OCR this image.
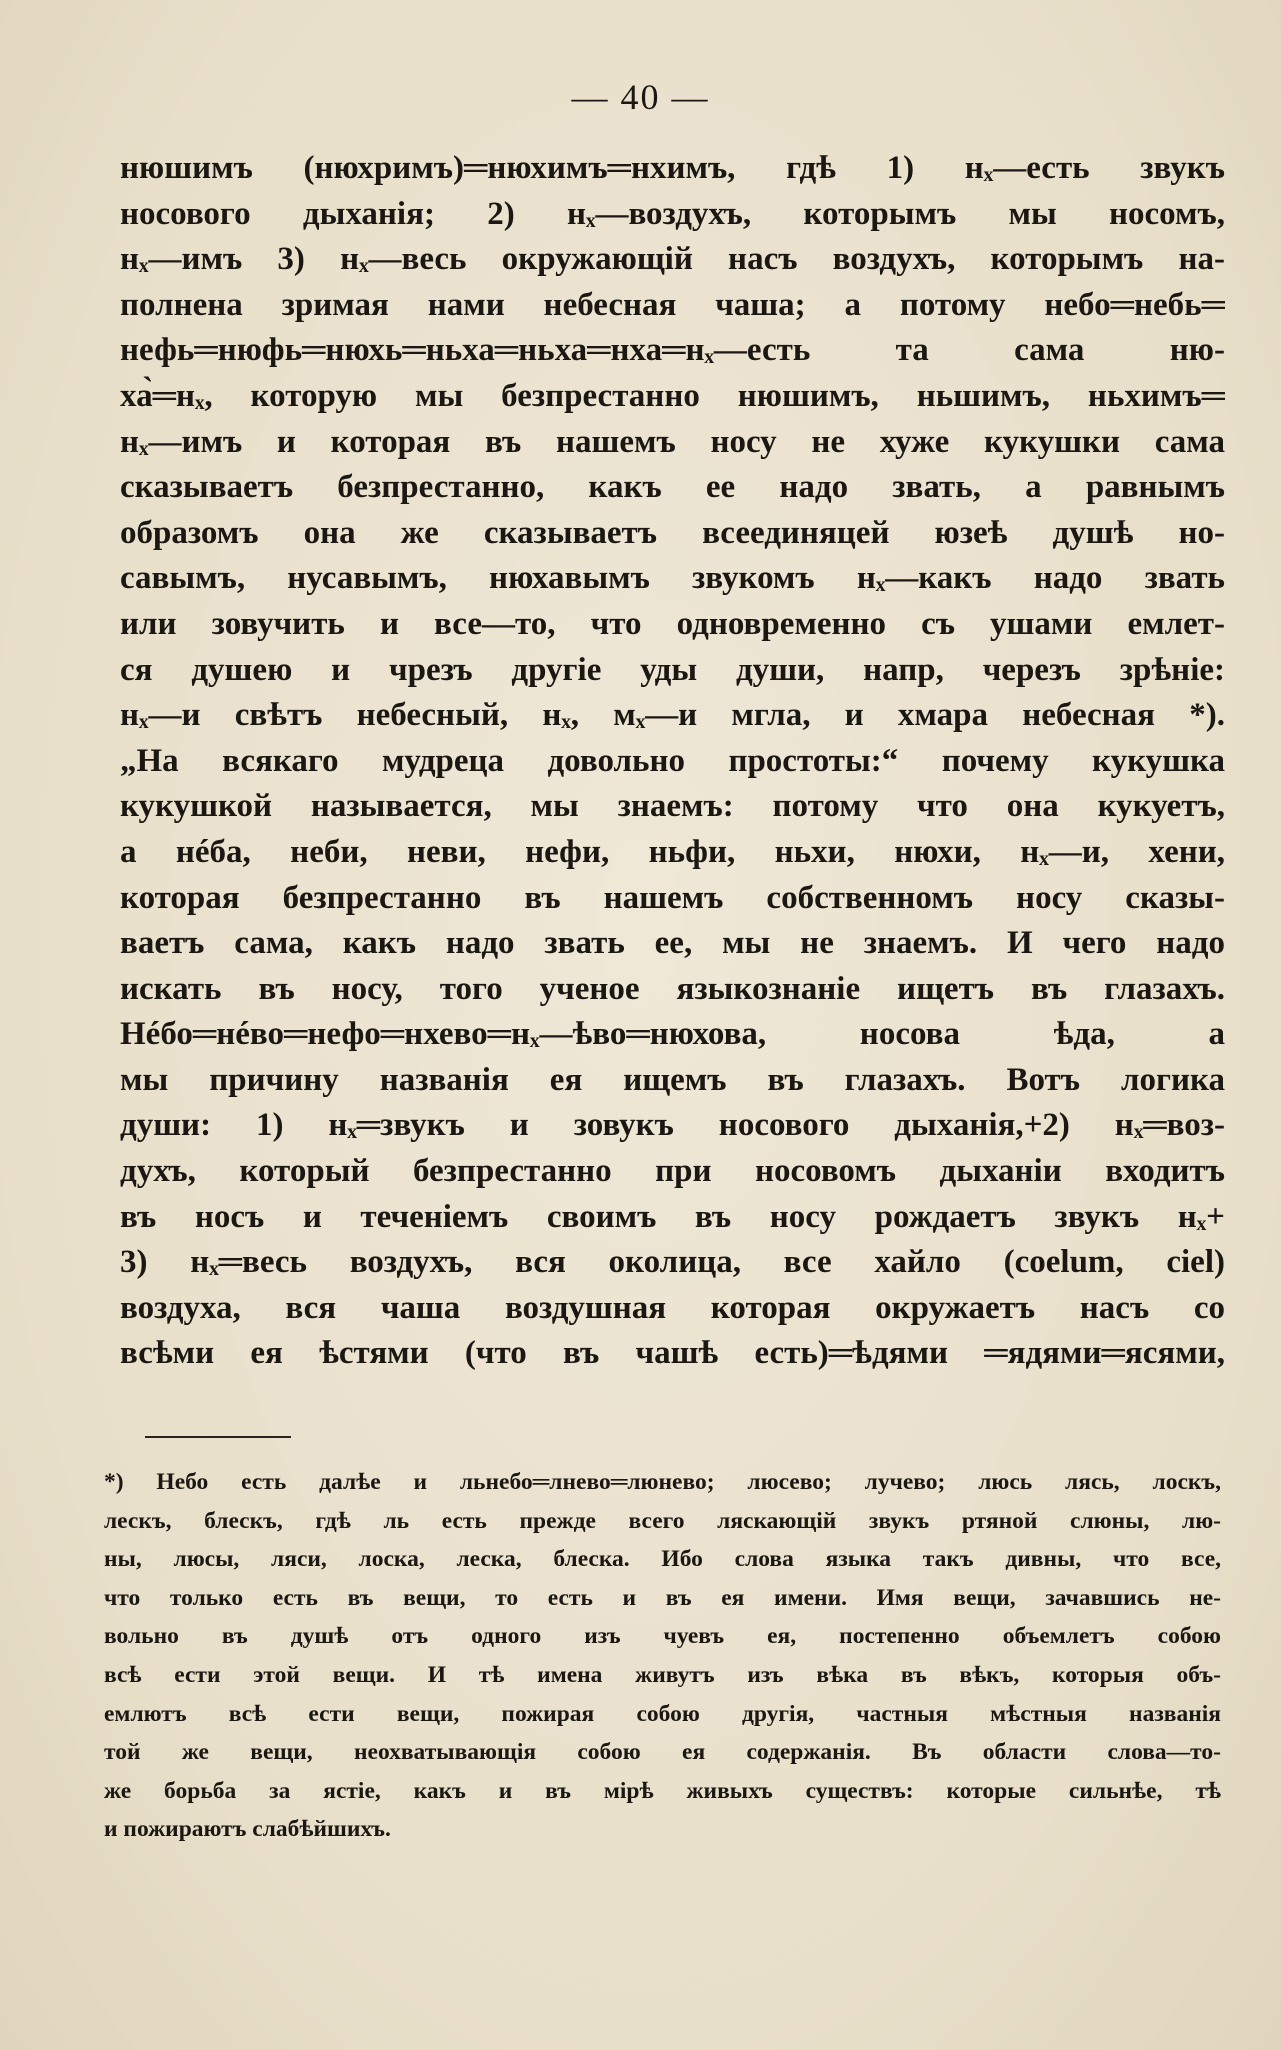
— 40 —
нюшимъ (нюхримъ)═нюхимъ═нхимъ, гдѣ 1) нₓ—есть звукъ
носового дыханія; 2) нₓ—воздухъ, которымъ мы носомъ,
нₓ—имъ 3) нₓ—весь окружающій насъ воздухъ, которымъ на-
полнена зримая нами небесная чаша; а потому небо═небь═
нефь═нюфь═нюхь═ньха═ньха═нха═нₓ—есть та сама ню-
ха̀═нₓ, которую мы безпрестанно нюшимъ, ньшимъ, ньхимъ═
нₓ—имъ и которая въ нашемъ носу не хуже кукушки сама
сказываетъ безпрестанно, какъ ее надо звать, а равнымъ
образомъ она же сказываетъ всеединяцей юзеѣ душѣ но-
савымъ, нусавымъ, нюхавымъ звукомъ нₓ—какъ надо звать
или зовучить и все—то, что одновременно съ ушами емлет-
ся душею и чрезъ другіе уды души, напр, черезъ зрѣніе:
нₓ—и свѣтъ небесный, нₓ, мₓ—и мгла, и хмара небесная *).
„На всякаго мудреца довольно простоты:“ почему кукушка
кукушкой называется, мы знаемъ: потому что она кукуетъ,
а нéба, неби, неви, нефи, ньфи, ньхи, нюхи, нₓ—и, хени,
которая безпрестанно въ нашемъ собственномъ носу сказы-
ваетъ сама, какъ надо звать ее, мы не знаемъ. И чего надо
искать въ носу, того ученое языкознаніе ищетъ въ глазахъ.
Нéбо═нéво═нефо═нхево═нₓ—ѣво═нюхова, носова ѣда, а
мы причину названія ея ищемъ въ глазахъ. Вотъ логика
души: 1) нₓ═звукъ и зовукъ носового дыханія,+2) нₓ═воз-
духъ, который безпрестанно при носовомъ дыханіи входитъ
въ носъ и теченіемъ своимъ въ носу рождаетъ звукъ нₓ+
3) нₓ═весь воздухъ, вся околица, все хайло (coelum, ciel)
воздуха, вся чаша воздушная которая окружаетъ насъ со
всѣми ея ѣстями (что въ чашѣ есть)═ѣдями ═ядями═ясями,
*) Небо есть далѣе и льнебо═лнево═люнево; люсево; лучево; люсь лясь, лоскъ,
лескъ, блескъ, гдѣ ль есть прежде всего ляскающій звукъ ртяной слюны, лю-
ны, люсы, ляси, лоска, леска, блеска. Ибо слова языка такъ дивны, что все,
что только есть въ вещи, то есть и въ ея имени. Имя вещи, зачавшись не-
вольно въ душѣ отъ одного изъ чуевъ ея, постепенно объемлетъ собою
всѣ ести этой вещи. И тѣ имена живутъ изъ вѣка въ вѣкъ, которыя объ-
емлютъ всѣ ести вещи, пожирая собою другія, частныя мѣстныя названія
той же вещи, неохватывающія собою ея содержанія. Въ области слова—то-
же борьба за ястіе, какъ и въ мірѣ живыхъ существъ: которые сильнѣе, тѣ
и пожираютъ слабѣйшихъ.
